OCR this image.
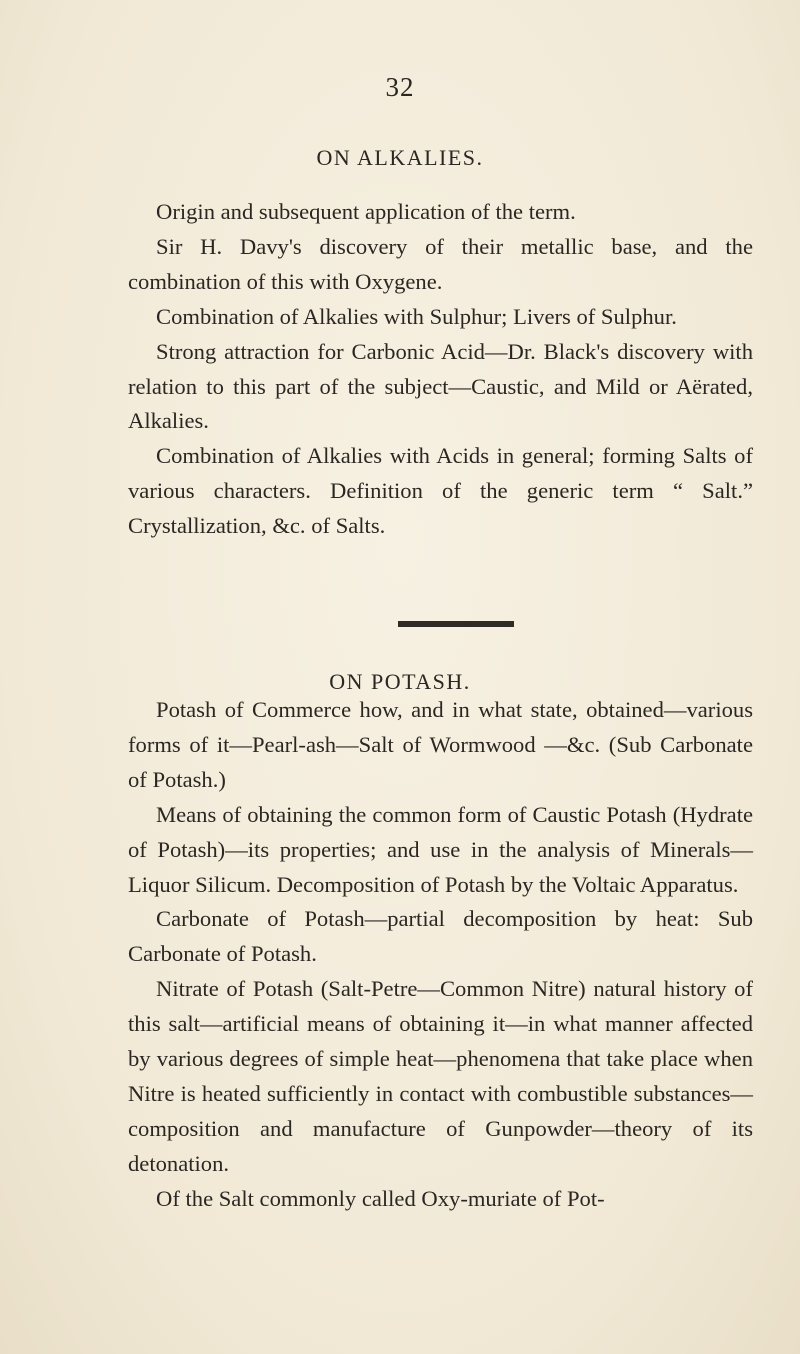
32
ON ALKALIES.

Origin and subsequent application of the term.

Sir H. Davy's discovery of their metallic base, and the combination of this with Oxygene.

Combination of Alkalies with Sulphur; Livers of Sulphur.

Strong attraction for Carbonic Acid—Dr. Black's discovery with relation to this part of the subject—Caustic, and Mild or Aërated, Alkalies.

Combination of Alkalies with Acids in general; forming Salts of various characters. Definition of the generic term “ Salt.” Crystallization, &c. of Salts.

ON POTASH.

Potash of Commerce how, and in what state, obtained—various forms of it—Pearl-ash—Salt of Wormwood —&c. (Sub Carbonate of Potash.)

Means of obtaining the common form of Caustic Potash (Hydrate of Potash)—its properties; and use in the analysis of Minerals—Liquor Silicum. Decomposition of Potash by the Voltaic Apparatus.

Carbonate of Potash—partial decomposition by heat: Sub Carbonate of Potash.

Nitrate of Potash (Salt-Petre—Common Nitre) natural history of this salt—artificial means of obtaining it—in what manner affected by various degrees of simple heat—phenomena that take place when Nitre is heated sufficiently in contact with combustible substances—composition and manufacture of Gunpowder—theory of its detonation.

Of the Salt commonly called Oxy-muriate of Pot-
